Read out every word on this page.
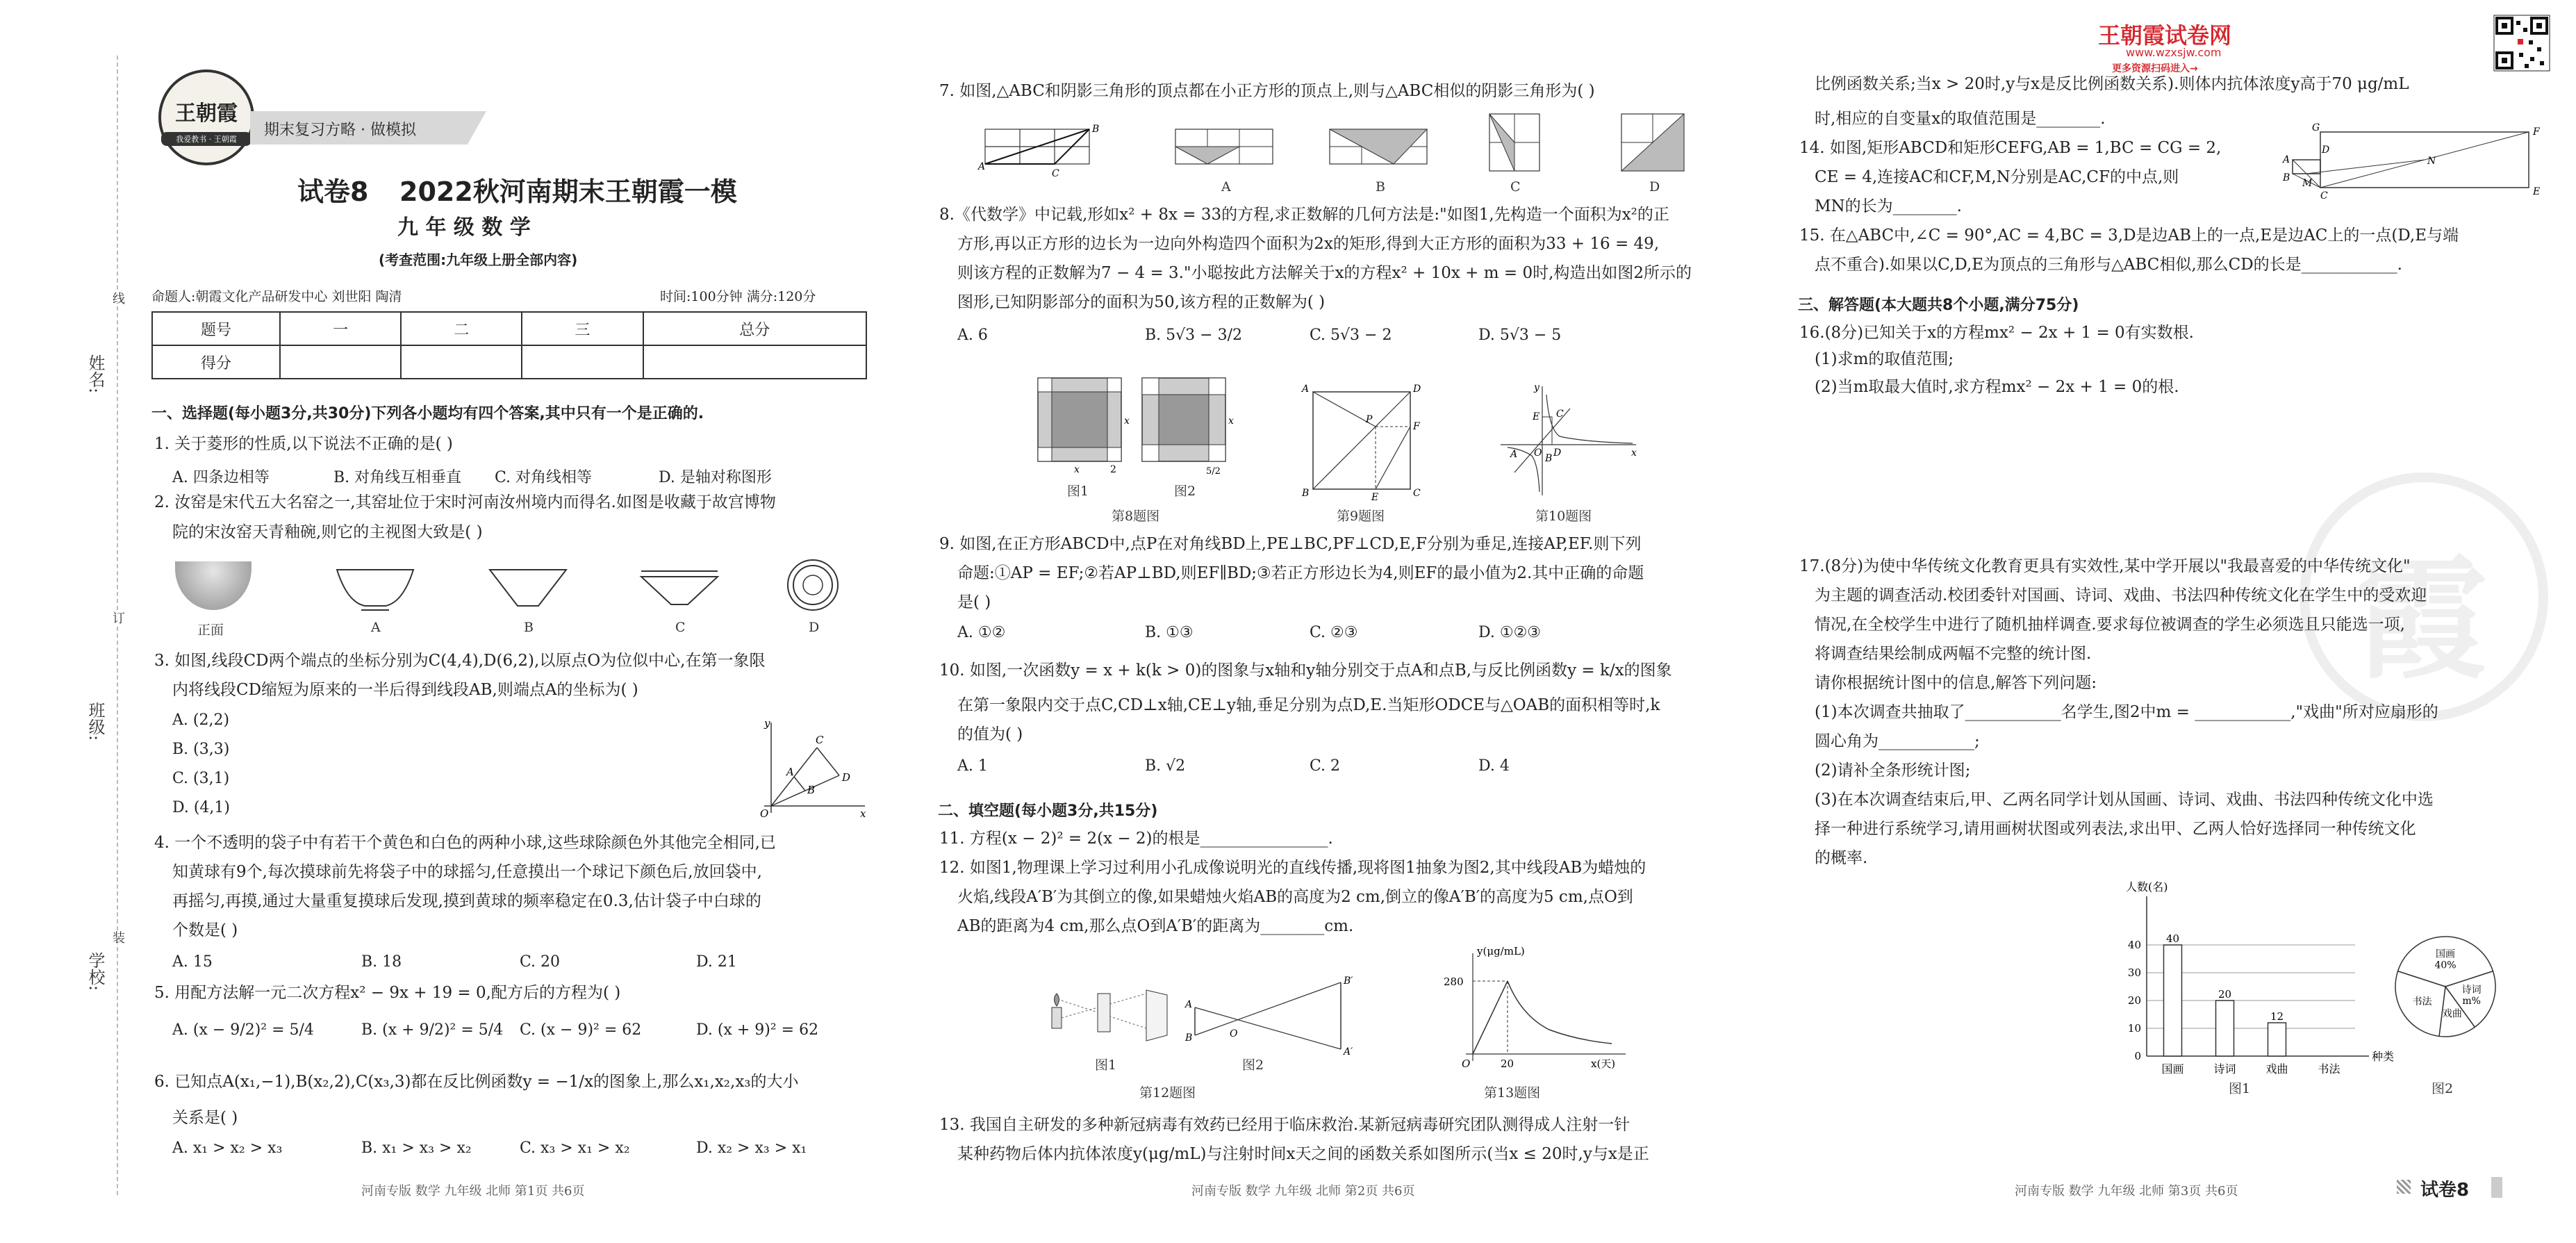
姓名:
班级:
学校:
线
订
装
王朝霞
我爱教书 · 王朝霞
期末复习方略 · 做模拟
试卷8 2022秋河南期末王朝霞一模
九 年 级 数 学
(考查范围:九年级上册全部内容)
命题人:朝霞文化产品研发中心 刘世阳 陶清	时间:100分钟 满分:120分
题号	一	二	三	总分
得分				
一、选择题(每小题3分,共30分)下列各小题均有四个答案,其中只有一个是正确的.
1. 关于菱形的性质,以下说法不正确的是( )
A. 四条边相等	B. 对角线互相垂直 C. 对角线相等	D. 是轴对称图形
2. 汝窑是宋代五大名窑之一,其窑址位于宋时河南汝州境内而得名.如图是收藏于故宫博物
院的宋汝窑天青釉碗,则它的主视图大致是( )
正面	A	B	C	D
3. 如图,线段CD两个端点的坐标分别为C(4,4),D(6,2),以原点O为位似中心,在第一象限
内将线段CD缩短为原来的一半后得到线段AB,则端点A的坐标为( )
A. (2,2)
B. (3,3)
C. (3,1)
D. (4,1)
y
C
A
B
D
O	x
4. 一个不透明的袋子中有若干个黄色和白色的两种小球,这些球除颜色外其他完全相同,已
知黄球有9个,每次摸球前先将袋子中的球摇匀,任意摸出一个球记下颜色后,放回袋中,
再摇匀,再摸,通过大量重复摸球后发现,摸到黄球的频率稳定在0.3,估计袋子中白球的
个数是( )
A. 15	B. 18	C. 20	D. 21
5. 用配方法解一元二次方程x² − 9x + 19 = 0,配方后的方程为( )
A. (x − 9/2)² = 5/4	B. (x + 9/2)² = 5/4 C. (x − 9)² = 62	D. (x + 9)² = 62
6. 已知点A(x₁,−1),B(x₂,2),C(x₃,3)都在反比例函数y = −1/x的图象上,那么x₁,x₂,x₃的大小
关系是( )
A. x₁ > x₂ > x₃	B. x₁ > x₃ > x₂	C. x₃ > x₁ > x₂	D. x₂ > x₃ > x₁
河南专版 数学 九年级 北师 第1页 共6页
7. 如图,△ABC和阴影三角形的顶点都在小正方形的顶点上,则与△ABC相似的阴影三角形为( )
A
B
C
A	B	C	D
8.《代数学》中记载,形如x² + 8x = 33的方程,求正数解的几何方法是:"如图1,先构造一个面积为x²的正
方形,再以正方形的边长为一边向外构造四个面积为2x的矩形,得到大正方形的面积为33 + 16 = 49,
则该方程的正数解为7 − 4 = 3."小聪按此方法解关于x的方程x² + 10x + m = 0时,构造出如图2所示的
图形,已知阴影部分的面积为50,该方程的正数解为( )
A. 6	B. 5√3 − 3/2	C. 5√3 − 2	D. 5√3 − 5
x
x	2
x
5/2
图1	图2
第8题图
A	D
P
F
B	E	C
第9题图
y
E C
A O D	x
B
第10题图
9. 如图,在正方形ABCD中,点P在对角线BD上,PE⊥BC,PF⊥CD,E,F分别为垂足,连接AP,EF.则下列
命题:①AP = EF;②若AP⊥BD,则EF∥BD;③若正方形边长为4,则EF的最小值为2.其中正确的命题
是( )
A. ①②	B. ①③	C. ②③	D. ①②③
10. 如图,一次函数y = x + k(k > 0)的图象与x轴和y轴分别交于点A和点B,与反比例函数y = k/x的图象
在第一象限内交于点C,CD⊥x轴,CE⊥y轴,垂足分别为点D,E.当矩形ODCE与△OAB的面积相等时,k
的值为( )
A. 1	B. √2	C. 2	D. 4
二、填空题(每小题3分,共15分)
11. 方程(x − 2)² = 2(x − 2)的根是________________.
12. 如图1,物理课上学习过利用小孔成像说明光的直线传播,现将图1抽象为图2,其中线段AB为蜡烛的
火焰,线段A′B′为其倒立的像,如果蜡烛火焰AB的高度为2 cm,倒立的像A′B′的高度为5 cm,点O到
AB的距离为4 cm,那么点O到A′B′的距离为________cm.
A
B	O
B′
A′
图1	图2
第12题图
y(μg/mL)
280
O	20	x(天)
第13题图
13. 我国自主研发的多种新冠病毒有效药已经用于临床救治.某新冠病毒研究团队测得成人注射一针
某种药物后体内抗体浓度y(μg/mL)与注射时间x天之间的函数关系如图所示(当x ≤ 20时,y与x是正
河南专版 数学 九年级 北师 第2页 共6页
王朝霞试卷网
www.wzxsjw.com
更多资源扫码进入→
比例函数关系;当x > 20时,y与x是反比例函数关系).则体内抗体浓度y高于70 μg/mL
时,相应的自变量x的取值范围是________.
14. 如图,矩形ABCD和矩形CEFG,AB = 1,BC = CG = 2,
CE = 4,连接AC和CF,M,N分别是AC,CF的中点,则
MN的长为________.
A
D
G	F
N
B M
C	E
15. 在△ABC中,∠C = 90°,AC = 4,BC = 3,D是边AB上的一点,E是边AC上的一点(D,E与端
点不重合).如果以C,D,E为顶点的三角形与△ABC相似,那么CD的长是____________.
三、解答题(本大题共8个小题,满分75分)
16.(8分)已知关于x的方程mx² − 2x + 1 = 0有实数根.
(1)求m的取值范围;
(2)当m取最大值时,求方程mx² − 2x + 1 = 0的根.
霞
17.(8分)为使中华传统文化教育更具有实效性,某中学开展以"我最喜爱的中华传统文化"
为主题的调查活动.校团委针对国画、诗词、戏曲、书法四种传统文化在学生中的受欢迎
情况,在全校学生中进行了随机抽样调查.要求每位被调查的学生必须选且只能选一项,
将调查结果绘制成两幅不完整的统计图.
请你根据统计图中的信息,解答下列问题:
(1)本次调查共抽取了____________名学生,图2中m = ____________,"戏曲"所对应扇形的
圆心角为____________;
(2)请补全条形统计图;
(3)在本次调查结束后,甲、乙两名同学计划从国画、诗词、戏曲、书法四种传统文化中选
择一种进行系统学习,请用画树状图或列表法,求出甲、乙两人恰好选择同一种传统文化
的概率.
0
10
20
30
40
人数(名)
种类
40
国画
20
诗词
12
戏曲	书法
图1
国画
40%
诗词
m%
戏曲
书法
图2
河南专版 数学 九年级 北师 第3页 共6页	试卷8
